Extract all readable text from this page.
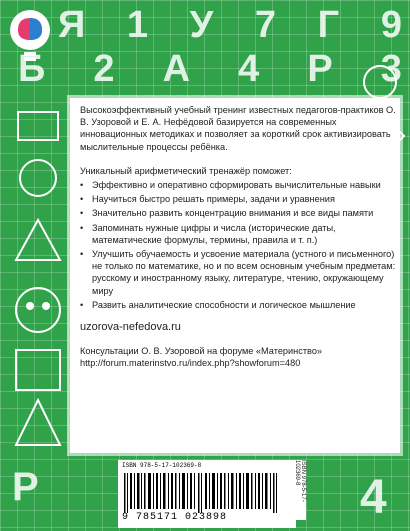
Я 1 У 7 Г 9
Б 2 А 4 Р 3

Высокоэффективный учебный тренинг известных педагогов-практиков О. В. Узоровой и Е. А. Нефёдовой базируется на современных инновационных методиках и позволяет за короткий срок активизировать мыслительные процессы ребёнка.

Уникальный арифметический тренажёр поможет:

• Эффективно и оперативно сформировать вычислительные навыки
• Научиться быстро решать примеры, задачи и уравнения
• Значительно развить концентрацию внимания и все виды памяти
• Запоминать нужные цифры и числа (исторические даты, математические формулы, термины, правила и т. п.)
• Улучшить обучаемость и усвоение материала (устного и письменного) не только по математике, но и по всем основным учебным предметам: русскому и иностранному языку, литературе, чтению, окружающему миру
• Развить аналитические способности и логическое мышление

uzorova-nefedova.ru

Консультации О. В. Узоровой на форуме «Материнство»

http://forum.materinstvo.ru/index.php?showforum=480

ISBN 978-5-17-102369-8
9 785171 023898
ISBN 978-5-17-102369-8
Р	4
